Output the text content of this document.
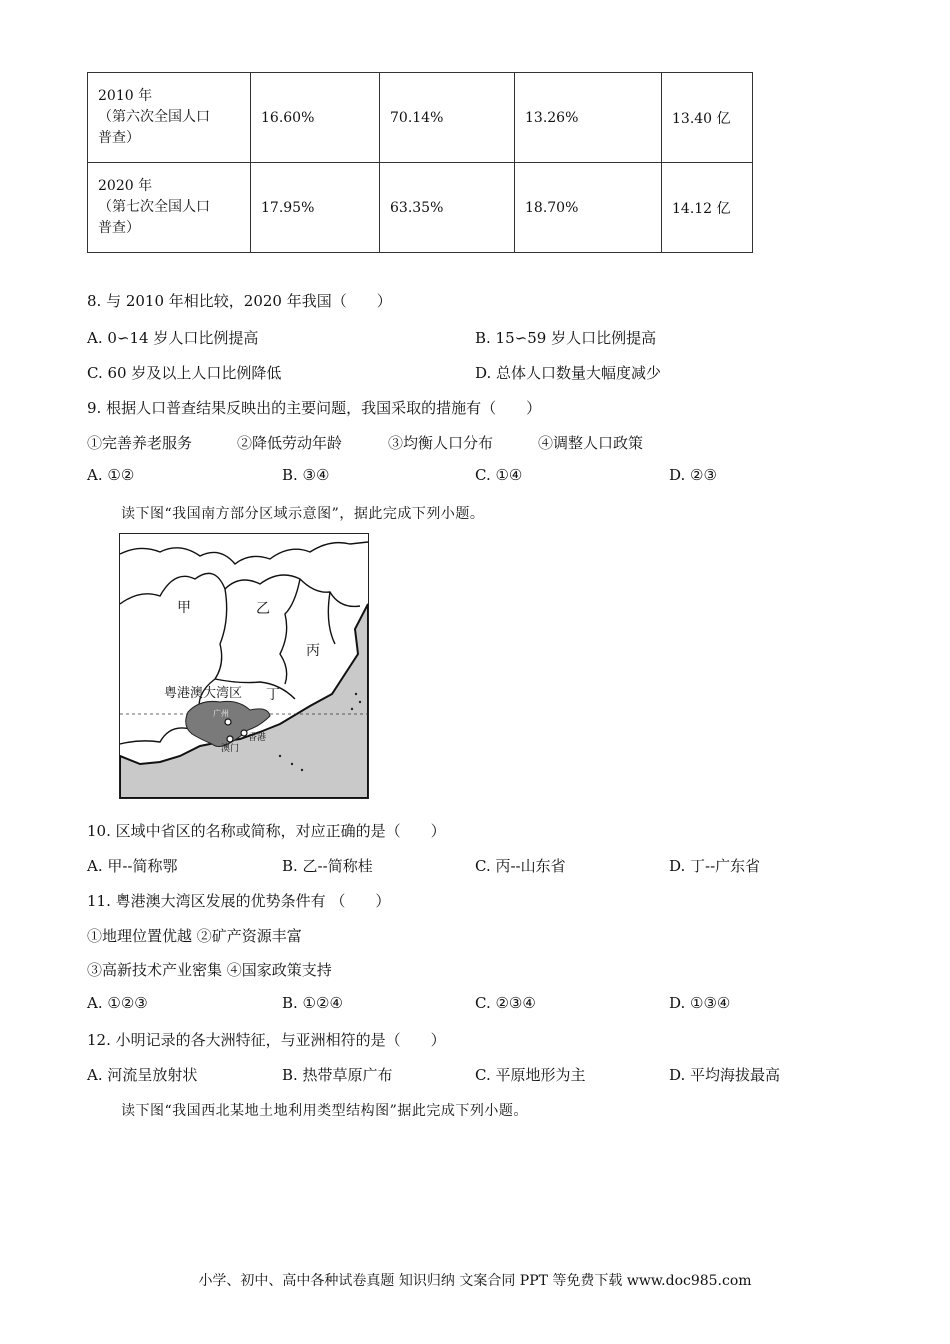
2010 年
（第六次全国人口
普查）	16.60%	70.14%	13.26%	13.40 亿

2020 年
（第七次全国人口
普查）	17.95%	63.35%	18.70%	14.12 亿
8. 与 2010 年相比较，2020 年我国（　　）
A. 0∽14 岁人口比例提高	B. 15∽59 岁人口比例提高
C. 60 岁及以上人口比例降低	D. 总体人口数量大幅度减少
9. 根据人口普查结果反映出的主要问题，我国采取的措施有（　　）
①完善养老服务	②降低劳动年龄	③均衡人口分布	④调整人口政策
A. ①②	B. ③④	C. ①④	D. ②③
读下图“我国南方部分区域示意图”，据此完成下列小题。
甲	乙
丙
丁
粤港澳大湾区
广州
香港
澳门
10. 区域中省区的名称或简称，对应正确的是（　　）
A. 甲--简称鄂	B. 乙--简称桂	C. 丙--山东省	D. 丁--广东省
11. 粤港澳大湾区发展的优势条件有 （　　）
①地理位置优越 ②矿产资源丰富
③高新技术产业密集 ④国家政策支持
A. ①②③	B. ①②④	C. ②③④	D. ①③④
12. 小明记录的各大洲特征，与亚洲相符的是（　　）
A. 河流呈放射状	B. 热带草原广布	C. 平原地形为主	D. 平均海拔最高
读下图“我国西北某地土地利用类型结构图”据此完成下列小题。
小学、初中、高中各种试卷真题 知识归纳 文案合同 PPT 等免费下载 www.doc985.com
